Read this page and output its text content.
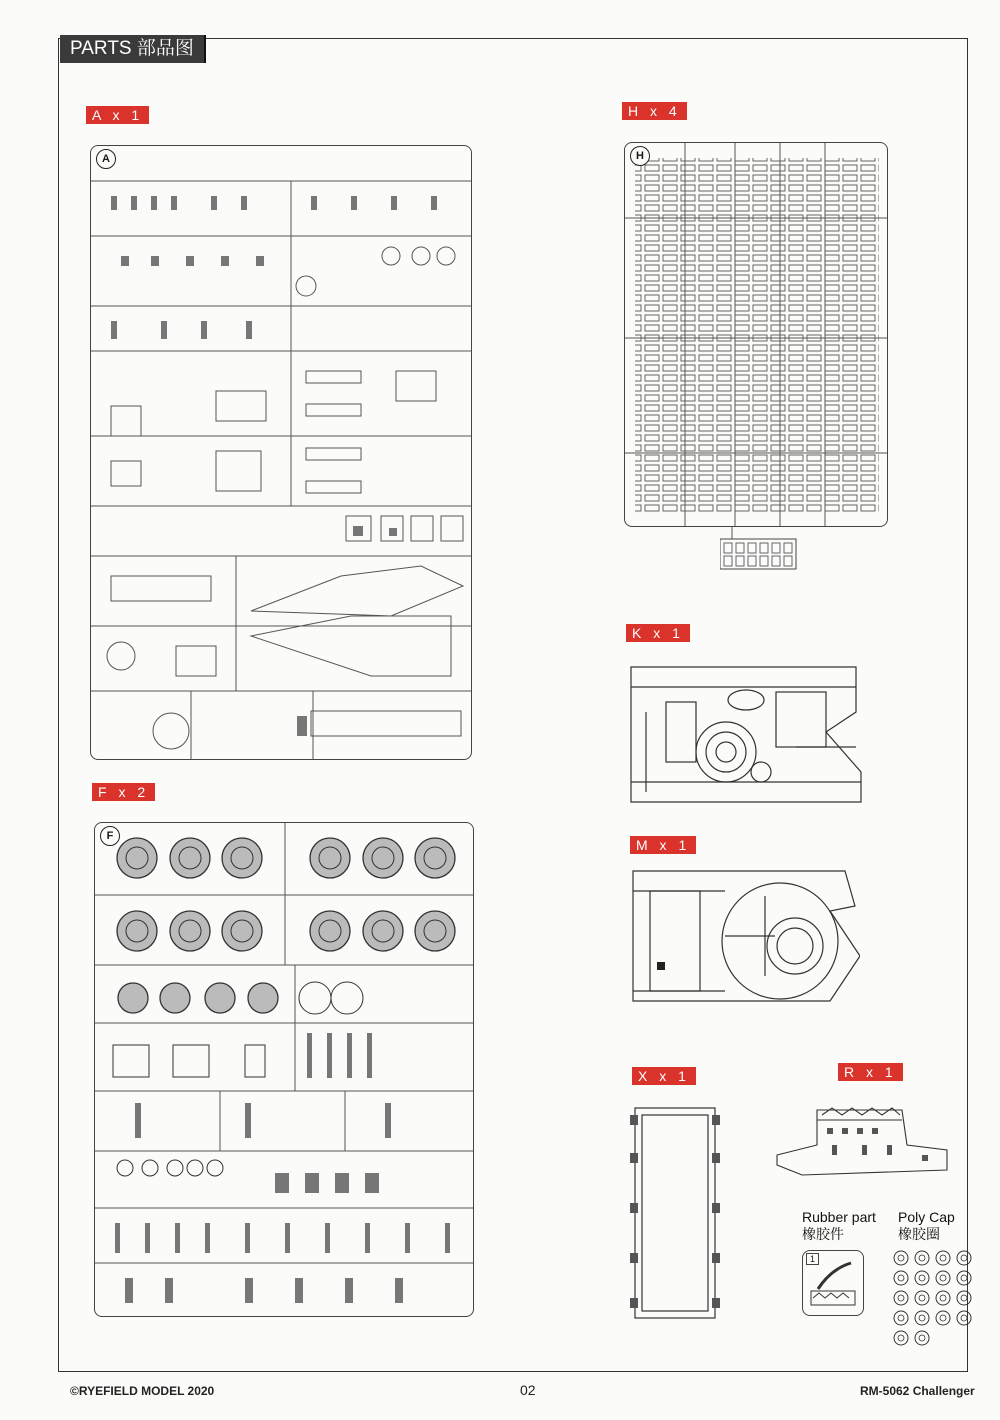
PARTS 部品图
A x 1	H x 4
K x 1
F x 2
M x 1
X x 1	R x 1
A	H
F
Rubber part
橡胶件
Poly Cap
橡胶圈
1
©RYEFIELD MODEL 2020	02	RM-5062 Challenger
